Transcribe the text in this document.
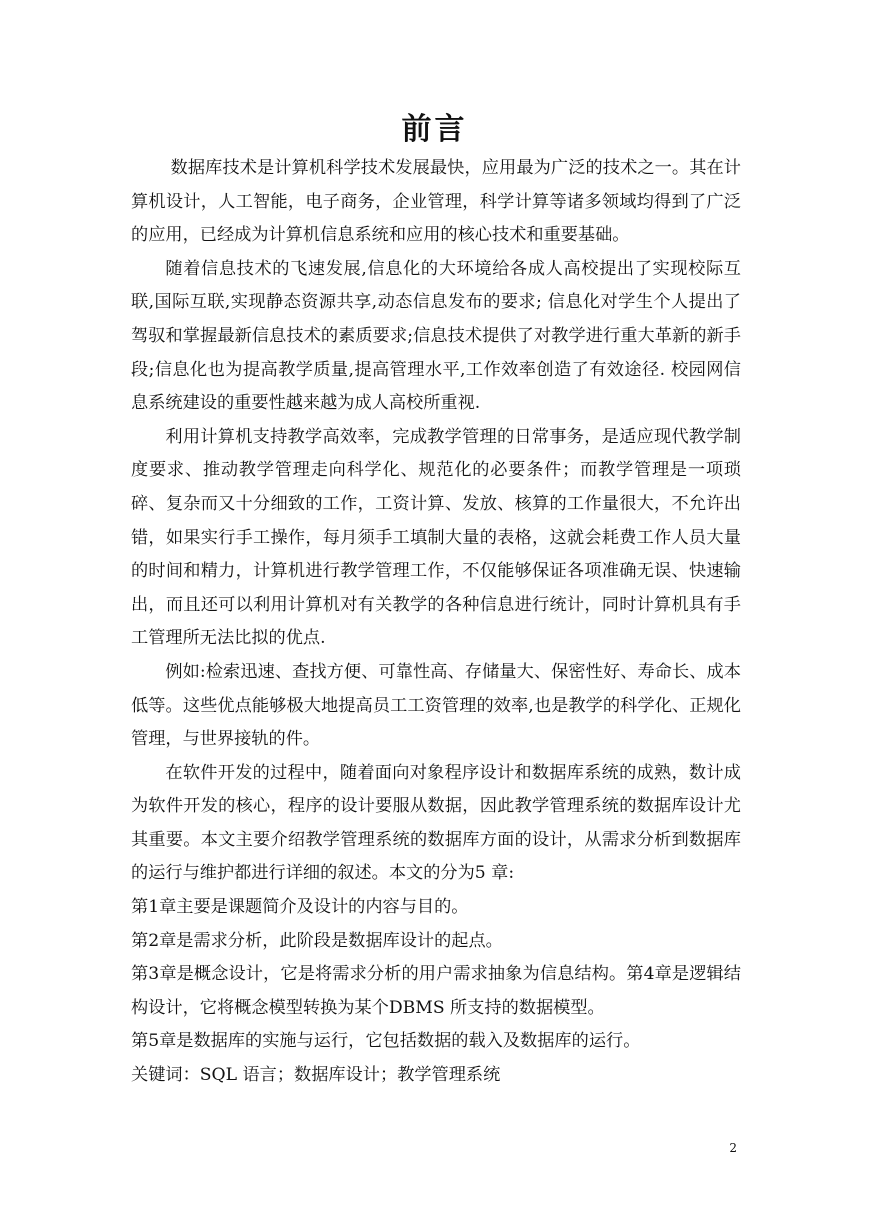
前言

数据库技术是计算机科学技术发展最快，应用最为广泛的技术之一。其在计算机设计，人工智能，电子商务，企业管理，科学计算等诸多领域均得到了广泛的应用，已经成为计算机信息系统和应用的核心技术和重要基础。

随着信息技术的飞速发展,信息化的大环境给各成人高校提出了实现校际互联,国际互联,实现静态资源共享,动态信息发布的要求; 信息化对学生个人提出了驾驭和掌握最新信息技术的素质要求;信息技术提供了对教学进行重大革新的新手段;信息化也为提高教学质量,提高管理水平,工作效率创造了有效途径. 校园网信息系统建设的重要性越来越为成人高校所重视.

利用计算机支持教学高效率，完成教学管理的日常事务，是适应现代教学制度要求、推动教学管理走向科学化、规范化的必要条件；而教学管理是一项琐碎、复杂而又十分细致的工作，工资计算、发放、核算的工作量很大，不允许出错，如果实行手工操作，每月须手工填制大量的表格，这就会耗费工作人员大量的时间和精力，计算机进行教学管理工作，不仅能够保证各项准确无误、快速输出，而且还可以利用计算机对有关教学的各种信息进行统计，同时计算机具有手工管理所无法比拟的优点.

例如:检索迅速、查找方便、可靠性高、存储量大、保密性好、寿命长、成本低等。这些优点能够极大地提高员工工资管理的效率,也是教学的科学化、正规化管理，与世界接轨的件。

在软件开发的过程中，随着面向对象程序设计和数据库系统的成熟，数计成为软件开发的核心，程序的设计要服从数据，因此教学管理系统的数据库设计尤其重要。本文主要介绍教学管理系统的数据库方面的设计，从需求分析到数据库的运行与维护都进行详细的叙述。本文的分为5 章:

第1章主要是课题简介及设计的内容与目的。

第2章是需求分析，此阶段是数据库设计的起点。

第3章是概念设计，它是将需求分析的用户需求抽象为信息结构。第4章是逻辑结构设计，它将概念模型转换为某个DBMS 所支持的数据模型。

第5章是数据库的实施与运行，它包括数据的载入及数据库的运行。

关键词：SQL 语言；数据库设计；教学管理系统

2
